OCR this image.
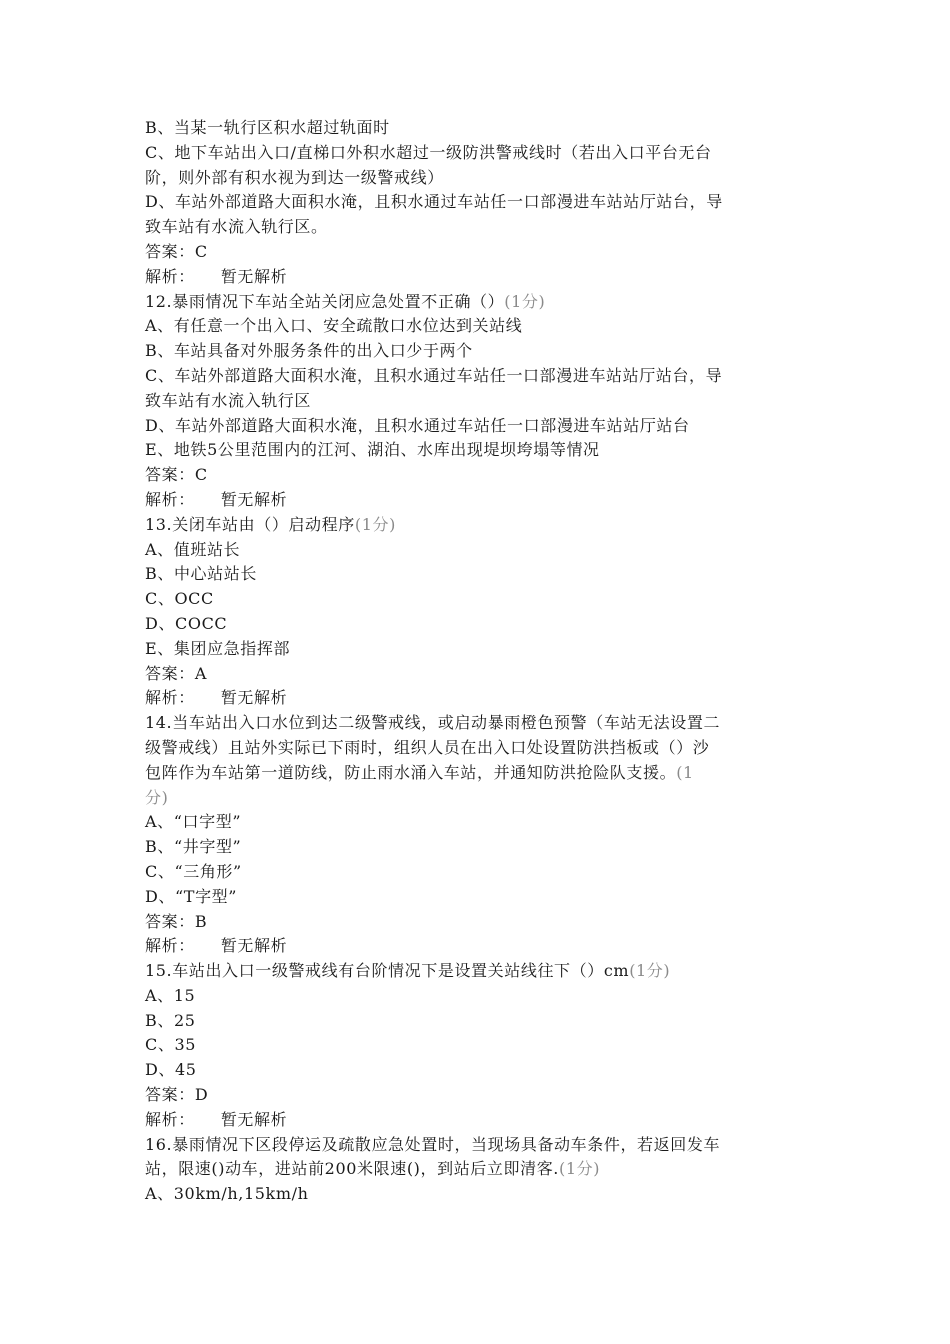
B、当某一轨行区积水超过轨面时
C、地下车站出入口/直梯口外积水超过一级防洪警戒线时（若出入口平台无台
阶，则外部有积水视为到达一级警戒线）
D、车站外部道路大面积水淹，且积水通过车站任一口部漫进车站站厅站台，导
致车站有水流入轨行区。
答案：C
解析： 暂无解析
12.暴雨情况下车站全站关闭应急处置不正确（）(1分)
A、有任意一个出入口、安全疏散口水位达到关站线
B、车站具备对外服务条件的出入口少于两个
C、车站外部道路大面积水淹，且积水通过车站任一口部漫进车站站厅站台，导
致车站有水流入轨行区
D、车站外部道路大面积水淹，且积水通过车站任一口部漫进车站站厅站台
E、地铁5公里范围内的江河、湖泊、水库出现堤坝垮塌等情况
答案：C
解析： 暂无解析
13.关闭车站由（）启动程序(1分)
A、值班站长
B、中心站站长
C、OCC
D、COCC
E、集团应急指挥部
答案：A
解析： 暂无解析
14.当车站出入口水位到达二级警戒线，或启动暴雨橙色预警（车站无法设置二
级警戒线）且站外实际已下雨时，组织人员在出入口处设置防洪挡板或（）沙
包阵作为车站第一道防线，防止雨水涌入车站，并通知防洪抢险队支援。(1
分)
A、“口字型”
B、“井字型”
C、“三角形”
D、“T字型”
答案：B
解析： 暂无解析
15.车站出入口一级警戒线有台阶情况下是设置关站线往下（）cm(1分)
A、15
B、25
C、35
D、45
答案：D
解析： 暂无解析
16.暴雨情况下区段停运及疏散应急处置时，当现场具备动车条件，若返回发车
站，限速()动车，进站前200米限速()，到站后立即清客.(1分)
A、30km/h,15km/h
